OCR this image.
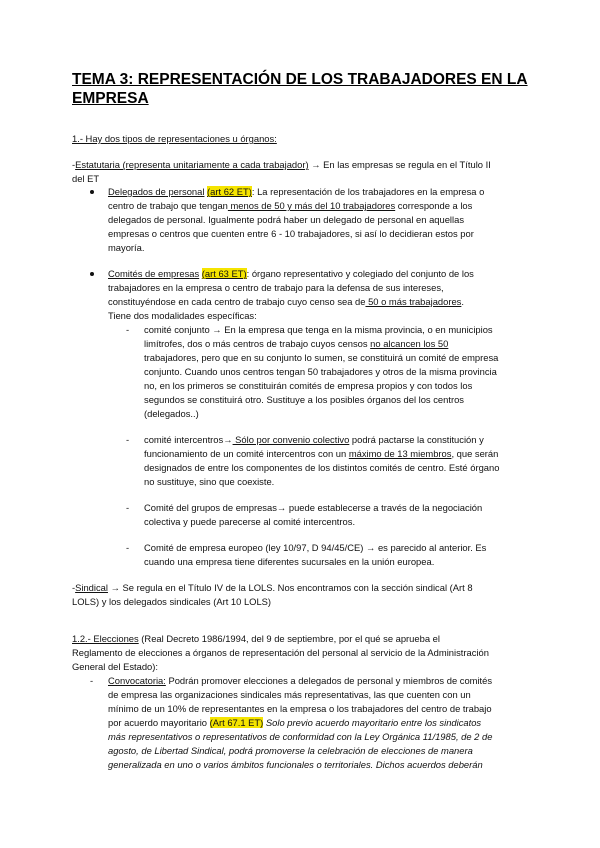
TEMA 3: REPRESENTACIÓN DE LOS TRABAJADORES EN LA
EMPRESA
1.- Hay dos tipos de representaciones u órganos:
-Estatutaria (representa unitariamente a cada trabajador) → En las empresas se regula en el Título II
del ET
Delegados de personal (art 62 ET): La representación de los trabajadores en la empresa o
centro de trabajo que tengan menos de 50 y más del 10 trabajadores corresponde a los
delegados de personal. Igualmente podrá haber un delegado de personal en aquellas
empresas o centros que cuenten entre 6 - 10 trabajadores, si así lo decidieran estos por
mayoría.
Comités de empresas (art 63 ET): órgano representativo y colegiado del conjunto de los
trabajadores en la empresa o centro de trabajo para la defensa de sus intereses,
constituyéndose en cada centro de trabajo cuyo censo sea de 50 o más trabajadores.
Tiene dos modalidades específicas:
- comité conjunto → En la empresa que tenga en la misma provincia, o en municipios
limítrofes, dos o más centros de trabajo cuyos censos no alcancen los 50
trabajadores, pero que en su conjunto lo sumen, se constituirá un comité de empresa
conjunto. Cuando unos centros tengan 50 trabajadores y otros de la misma provincia
no, en los primeros se constituirán comités de empresa propios y con todos los
segundos se constituirá otro. Sustituye a los posibles órganos del los centros
(delegados..)
- comité intercentros→ Sólo por convenio colectivo podrá pactarse la constitución y
funcionamiento de un comité intercentros con un máximo de 13 miembros, que serán
designados de entre los componentes de los distintos comités de centro. Esté órgano
no sustituye, sino que coexiste.
- Comité del grupos de empresas→ puede establecerse a través de la negociación
colectiva y puede parecerse al comité intercentros.
- Comité de empresa europeo (ley 10/97, D 94/45/CE) → es parecido al anterior. Es
cuando una empresa tiene diferentes sucursales en la unión europea.
-Sindical → Se regula en el Título IV de la LOLS. Nos encontramos con la sección sindical (Art 8
LOLS) y los delegados sindicales (Art 10 LOLS)
1.2.- Elecciones (Real Decreto 1986/1994, del 9 de septiembre, por el qué se aprueba el
Reglamento de elecciones a órganos de representación del personal al servicio de la Administración
General del Estado):
- Convocatoria: Podrán promover elecciones a delegados de personal y miembros de comités
de empresa las organizaciones sindicales más representativas, las que cuenten con un
mínimo de un 10% de representantes en la empresa o los trabajadores del centro de trabajo
por acuerdo mayoritario (Art 67.1 ET) Solo previo acuerdo mayoritario entre los sindicatos
más representativos o representativos de conformidad con la Ley Orgánica 11/1985, de 2 de
agosto, de Libertad Sindical, podrá promoverse la celebración de elecciones de manera
generalizada en uno o varios ámbitos funcionales o territoriales. Dichos acuerdos deberán
